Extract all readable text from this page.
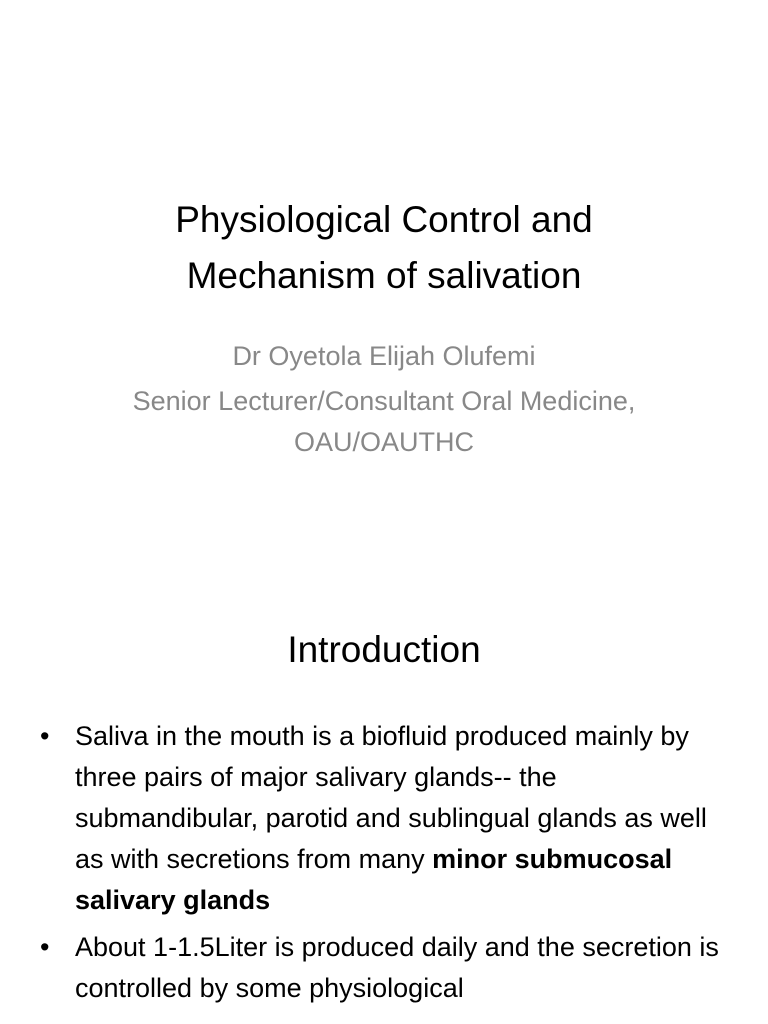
Physiological Control and Mechanism of salivation
Dr Oyetola Elijah Olufemi
Senior Lecturer/Consultant Oral Medicine, OAU/OAUTHC
Introduction
• Saliva in the mouth is a biofluid produced mainly by three pairs of major salivary glands-- the submandibular, parotid and sublingual glands as well as with secretions from many minor submucosal salivary glands
• About 1-1.5Liter is produced daily and the secretion is controlled by some physiological
